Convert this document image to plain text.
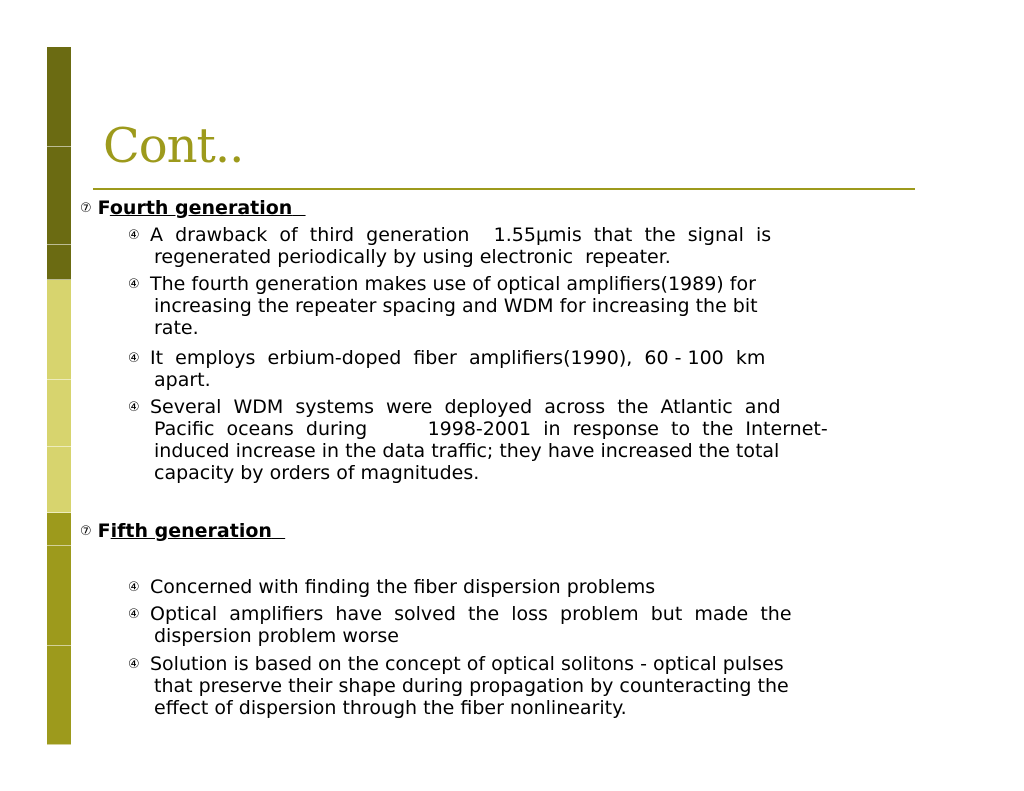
Cont..
⑦ Fourth generation
④ A  drawback  of  third  generation    1.55μmis  that  the  signal  is
regenerated periodically by using electronic  repeater.
④ The fourth generation makes use of optical amplifiers(1989) for
increasing the repeater spacing and WDM for increasing the bit
rate.
④ It  employs  erbium-doped  fiber  amplifiers(1990),  60 - 100  km
apart.
④ Several  WDM  systems  were  deployed  across  the  Atlantic  and
Pacific  oceans  during          1998-2001  in  response  to  the  Internet-
induced increase in the data traffic; they have increased the total
capacity by orders of magnitudes.
⑦ Fifth generation
④ Concerned with finding the fiber dispersion problems
④ Optical  amplifiers  have  solved  the  loss  problem  but  made  the
dispersion problem worse
④ Solution is based on the concept of optical solitons - optical pulses
that preserve their shape during propagation by counteracting the
effect of dispersion through the fiber nonlinearity.
